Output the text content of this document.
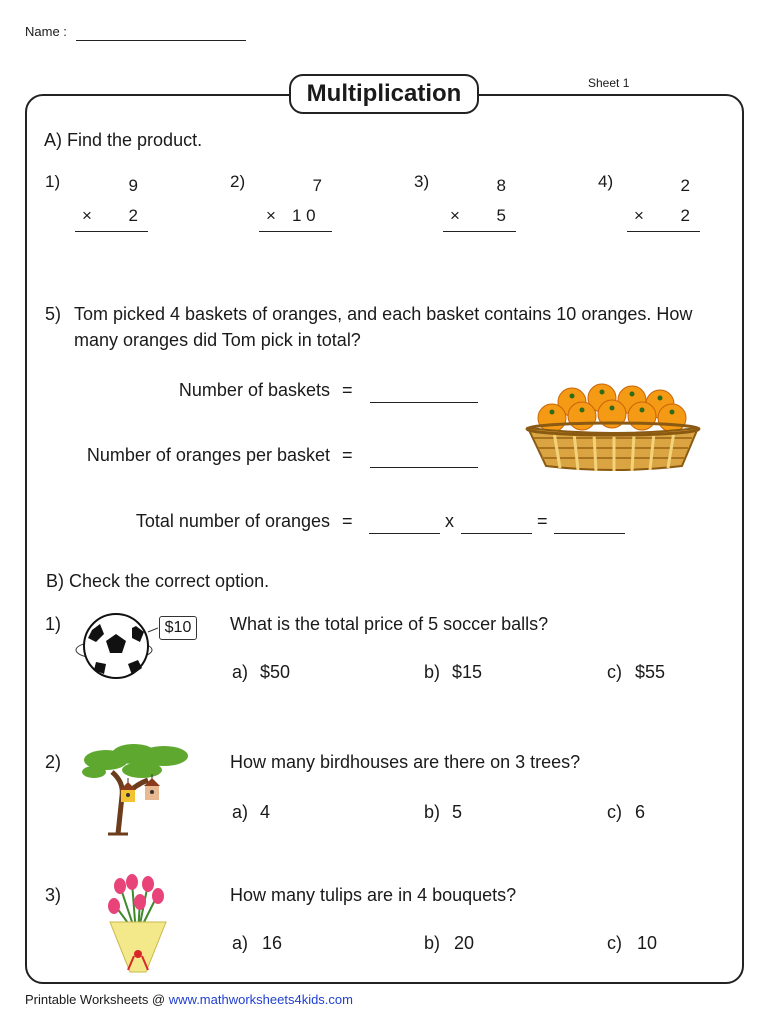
Name :
Sheet 1
Multiplication
A) Find the product.
1)	9
×	2
2)	7
× 1 0
3)	8
×	5
4)	2
×	2
5) Tom picked 4 baskets of oranges, and each basket contains 10 oranges. How
many oranges did Tom pick in total?
Number of baskets =
Number of oranges per basket =
Total number of oranges =	x	=
B) Check the correct option.
1)	$10	What is the total price of 5 soccer balls?
a) $50	b) $15	c) $55
2)	How many birdhouses are there on 3 trees?
a) 4	b) 5	c) 6
3)	How many tulips are in 4 bouquets?
a) 16	b) 20	c) 10
Printable Worksheets @ www.mathworksheets4kids.com
